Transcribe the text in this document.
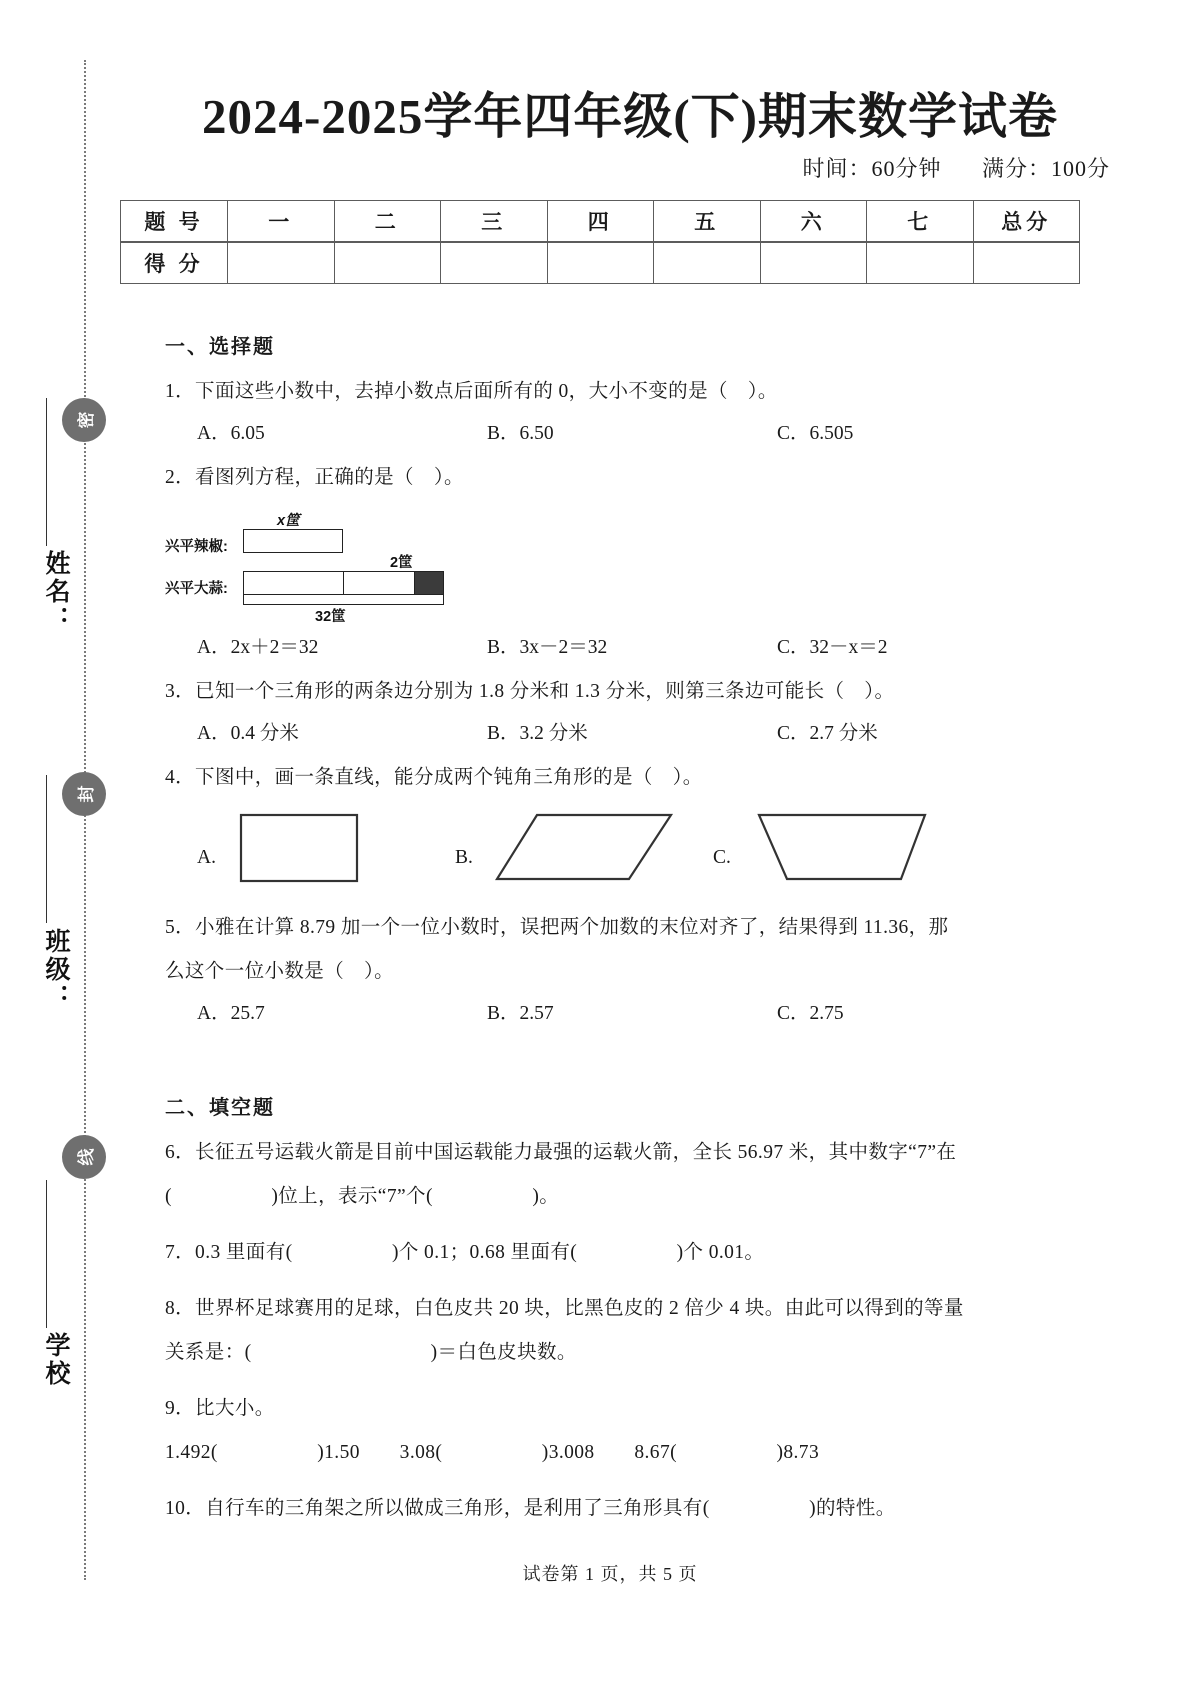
密
封
线
姓名：
班级：
学校
2024-2025学年四年级(下)期末数学试卷
时间：60分钟 满分：100分
题 号	一	二	三	四	五	六	七	总分
得 分								
一、选择题
1．下面这些小数中，去掉小数点后面所有的 0，大小不变的是（　）。
A．6.05	B．6.50	C．6.505
2．看图列方程，正确的是（　）。
兴平辣椒:
x筐
兴平大蒜:
2筐
32筐
A．2x＋2＝32	B．3x－2＝32	C．32－x＝2
3．已知一个三角形的两条边分别为 1.8 分米和 1.3 分米，则第三条边可能长（　）。
A．0.4 分米	B．3.2 分米	C．2.7 分米
4．下图中，画一条直线，能分成两个钝角三角形的是（　）。
A.	B.	C.
5．小雅在计算 8.79 加一个一位小数时，误把两个加数的末位对齐了，结果得到 11.36，那
么这个一位小数是（　）。
A．25.7	B．2.57	C．2.75
二、填空题
6．长征五号运载火箭是目前中国运载能力最强的运载火箭，全长 56.97 米，其中数字“7”在
(　　　　　)位上，表示“7”个(　　　　　)。
7．0.3 里面有(　　　　　)个 0.1；0.68 里面有(　　　　　)个 0.01。
8．世界杯足球赛用的足球，白色皮共 20 块，比黑色皮的 2 倍少 4 块。由此可以得到的等量
关系是：(　　　　　　　　　)＝白色皮块数。
9．比大小。
1.492(　　　　　)1.50　　3.08(　　　　　)3.008　　8.67(　　　　　)8.73
10．自行车的三角架之所以做成三角形，是利用了三角形具有(　　　　　)的特性。
试卷第 1 页，共 5 页
